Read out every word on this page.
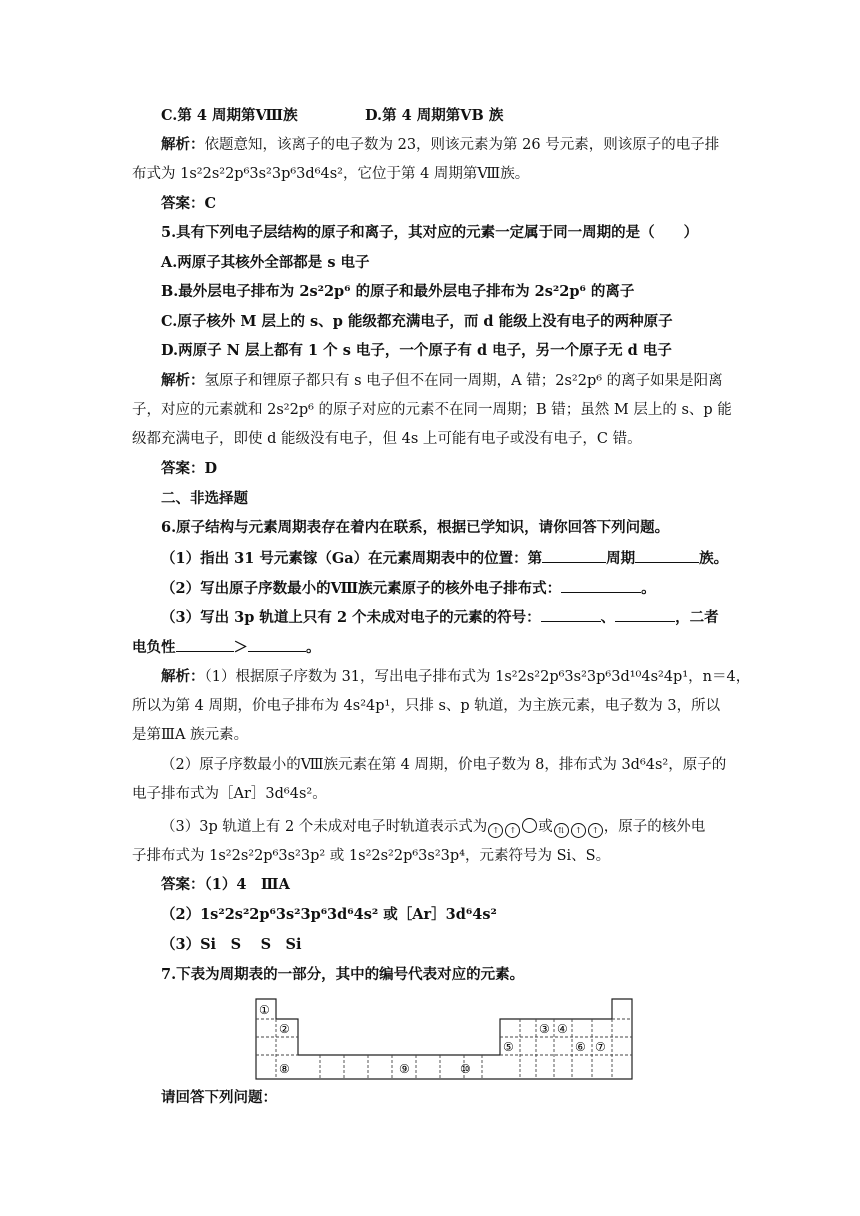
C.第 4 周期第Ⅷ族	D.第 4 周期第ⅤB 族
解析：依题意知，该离子的电子数为 23，则该元素为第 26 号元素，则该原子的电子排
布式为 1s²2s²2p⁶3s²3p⁶3d⁶4s²，它位于第 4 周期第Ⅷ族。
答案：C
5.具有下列电子层结构的原子和离子，其对应的元素一定属于同一周期的是（　　）
A.两原子其核外全部都是 s 电子
B.最外层电子排布为 2s²2p⁶ 的原子和最外层电子排布为 2s²2p⁶ 的离子
C.原子核外 M 层上的 s、p 能级都充满电子，而 d 能级上没有电子的两种原子
D.两原子 N 层上都有 1 个 s 电子，一个原子有 d 电子，另一个原子无 d 电子
解析：氢原子和锂原子都只有 s 电子但不在同一周期，A 错；2s²2p⁶ 的离子如果是阳离
子，对应的元素就和 2s²2p⁶ 的原子对应的元素不在同一周期；B 错；虽然 M 层上的 s、p 能
级都充满电子，即使 d 能级没有电子，但 4s 上可能有电子或没有电子，C 错。
答案：D
二、非选择题
6.原子结构与元素周期表存在着内在联系，根据已学知识，请你回答下列问题。
（1）指出 31 号元素镓（Ga）在元素周期表中的位置：第	周期	族。
（2）写出原子序数最小的Ⅷ族元素原子的核外电子排布式：	。
（3）写出 3p 轨道上只有 2 个未成对电子的元素的符号：	、	，二者
电负性	＞	。
解析：（1）根据原子序数为 31，写出电子排布式为 1s²2s²2p⁶3s²3p⁶3d¹⁰4s²4p¹，n＝4，
所以为第 4 周期，价电子排布为 4s²4p¹，只排 s、p 轨道，为主族元素，电子数为 3，所以
是第ⅢA 族元素。
（2）原子序数最小的Ⅷ族元素在第 4 周期，价电子数为 8，排布式为 3d⁶4s²，原子的
电子排布式为［Ar］3d⁶4s²。
（3）3p 轨道上有 2 个未成对电子时轨道表示式为 ↑ ↑ 或 ⇅ ↑ ↑ ，原子的核外电
子排布式为 1s²2s²2p⁶3s²3p² 或 1s²2s²2p⁶3s²3p⁴，元素符号为 Si、S。
答案：（1）4　ⅢA
（2）1s²2s²2p⁶3s²3p⁶3d⁶4s² 或［Ar］3d⁶4s²
（3）Si　S　 S　Si
7.下表为周期表的一部分，其中的编号代表对应的元素。
①
②	③ ④
⑤	⑥ ⑦
⑧	⑨	⑩
请回答下列问题：
